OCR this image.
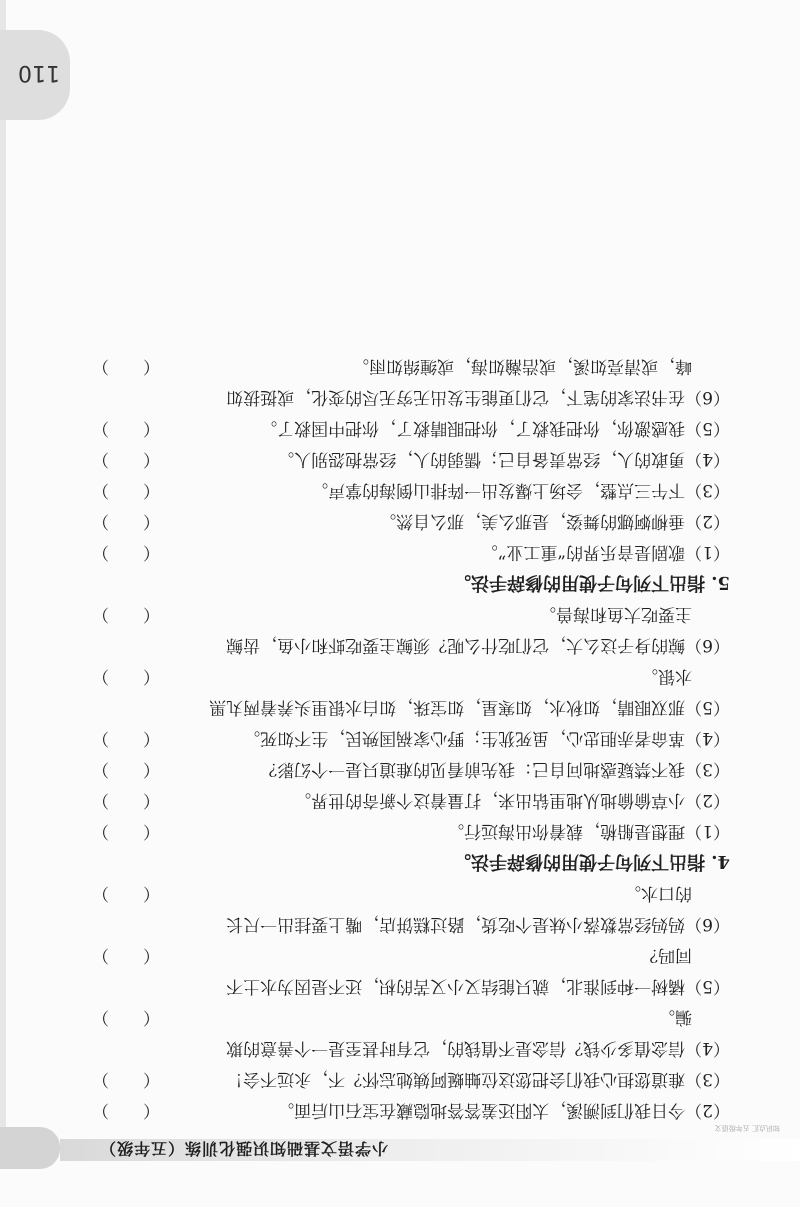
小学语文基础知识强化训练（五年级）
知识点汇 五年级语文
（2）今日我们到溯溪，太阳还羞答答地隐藏在宝石山后面。
（　　）
（3）难道您担心我们会把您这位蚰蜒阿姨她忘怀？不，永远不会！
（　　）
（4）信念值多少钱？信念是不值钱的，它有时甚至是一个善意的欺
骗。
（　　）
（5）橘树一种到淮北，就只能结又小又苦的枳，还不是因为水土不
同吗？
（　　）
（6）妈妈经常数落小妹是个吃货，路过糕饼店，嘴上要挂出一尺长
的口水。
（　　）
4. 指出下列句子使用的修辞手法。
（1）理想是船桅，载着你出海远行。
（　　）
（2）小草偷偷地从地里钻出来，打量着这个新奇的世界。
（　　）
（3）我不禁疑惑地问自己：我先前看见的难道只是一个幻影？
（　　）
（4）革命者赤胆忠心，虽死犹生；野心家祸国殃民，生不如死。
（　　）
（5）那双眼睛，如秋水，如寒星，如宝珠，如白水银里头养着两丸黑
水银。
（　　）
（6）鲸的身子这么大，它们吃什么呢？须鲸主要吃虾和小鱼，齿鲸
主要吃大鱼和海兽。
（　　）
5. 指出下列句子使用的修辞手法。
（1）歌剧是音乐界的“重工业”。
（　　）
（2）垂柳婀娜的舞姿，是那么美，那么自然。
（　　）
（3）下午三点整，会场上爆发出一阵排山倒海的掌声。
（　　）
（4）勇敢的人，经常责备自己；懦弱的人，经常抱怨别人。
（　　）
（5）我感激你，你把我救了，你把眼睛救了，你把中国救了。
（　　）
（6）在书法家的笔下，它们更能生发出无穷无尽的变化，或挺拔如
峰，或清亮如溪，或浩瀚如海，或缠绵如雨。
（　　）
110
